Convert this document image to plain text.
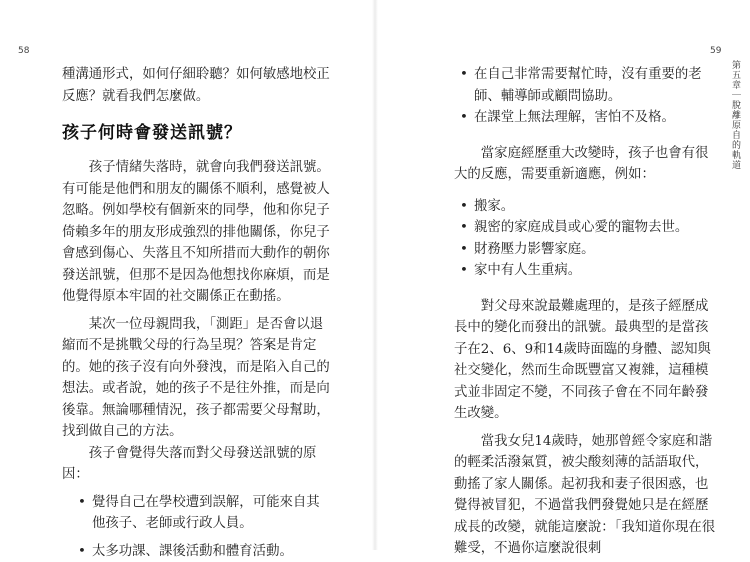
58

種溝通形式，如何仔細聆聽？如何敏感地校正反應？就看我們怎麼做。

孩子何時會發送訊號？

孩子情緒失落時，就會向我們發送訊號。有可能是他們和朋友的關係不順利，感覺被人忽略。例如學校有個新來的同學，他和你兒子倚賴多年的朋友形成強烈的排他關係，你兒子會感到傷心、失落且不知所措而大動作的朝你發送訊號，但那不是因為他想找你麻煩，而是他覺得原本牢固的社交關係正在動搖。

某次一位母親問我，「測距」是否會以退縮而不是挑戰父母的行為呈現？答案是肯定的。她的孩子沒有向外發洩，而是陷入自己的想法。或者說，她的孩子不是往外推，而是向後靠。無論哪種情況，孩子都需要父母幫助，找到做自己的方法。

孩子會覺得失落而對父母發送訊號的原因：

• 覺得自己在學校遭到誤解，可能來自其他孩子、老師或行政人員。
• 太多功課、課後活動和體育活動。
59
第五章｜脫離原自的軌道
• 在自己非常需要幫忙時，沒有重要的老師、輔導師或顧問協助。
• 在課堂上無法理解，害怕不及格。

當家庭經歷重大改變時，孩子也會有很大的反應，需要重新適應，例如：

• 搬家。
• 親密的家庭成員或心愛的寵物去世。
• 財務壓力影響家庭。
• 家中有人生重病。

對父母來說最難處理的，是孩子經歷成長中的變化而發出的訊號。最典型的是當孩子在2、6、9和14歲時面臨的身體、認知與社交變化，然而生命既豐富又複雜，這種模式並非固定不變，不同孩子會在不同年齡發生改變。

當我女兒14歲時，她那曾經令家庭和諧的輕柔活潑氣質，被尖酸刻薄的話語取代，動搖了家人關係。起初我和妻子很困惑，也覺得被冒犯，不過當我們發覺她只是在經歷成長的改變，就能這麼說：「我知道你現在很難受，不過你這麼說很刺
